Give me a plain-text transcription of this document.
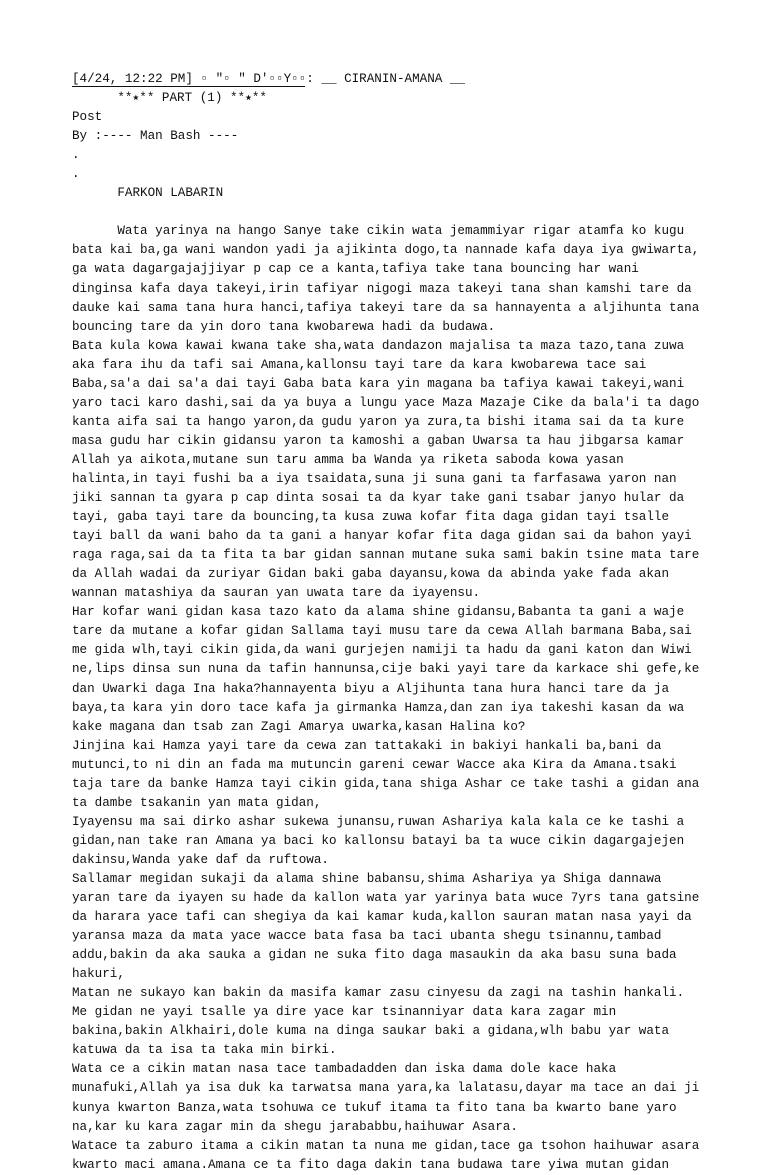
[4/24, 12:22 PM] ▫ "▫ " D'▫▫Y▫▫: __ CIRANIN-AMANA __
**⭑** PART (1) **⭑**
Post
By :---- Man Bash ----
.
.
FARKON LABARIN
Wata yarinya na hango Sanye take cikin wata jemammiyar rigar atamfa ko kugu
bata kai ba,ga wani wandon yadi ja ajikinta dogo,ta nannade kafa daya iya gwiwarta,
ga wata dagargajajjiyar p cap ce a kanta,tafiya take tana bouncing har wani
dinginsa kafa daya takeyi,irin tafiyar nigogi maza takeyi tana shan kamshi tare da
dauke kai sama tana hura hanci,tafiya takeyi tare da sa hannayenta a aljihunta tana
bouncing tare da yin doro tana kwobarewa hadi da budawa.
Bata kula kowa kawai kwana take sha,wata dandazon majalisa ta maza tazo,tana zuwa
aka fara ihu da tafi sai Amana,kallonsu tayi tare da kara kwobarewa tace sai
Baba,sa'a dai sa'a dai tayi Gaba bata kara yin magana ba tafiya kawai takeyi,wani
yaro taci karo dashi,sai da ya buya a lungu yace Maza Mazaje Cike da bala'i ta dago
kanta aifa sai ta hango yaron,da gudu yaron ya zura,ta bishi itama sai da ta kure
masa gudu har cikin gidansu yaron ta kamoshi a gaban Uwarsa ta hau jibgarsa kamar
Allah ya aikota,mutane sun taru amma ba Wanda ya riketa saboda kowa yasan
halinta,in tayi fushi ba a iya tsaidata,suna ji suna gani ta farfasawa yaron nan
jiki sannan ta gyara p cap dinta sosai ta da kyar take gani tsabar janyo hular da
tayi, gaba tayi tare da bouncing,ta kusa zuwa kofar fita daga gidan tayi tsalle
tayi ball da wani baho da ta gani a hanyar kofar fita daga gidan sai da bahon yayi
raga raga,sai da ta fita ta bar gidan sannan mutane suka sami bakin tsine mata tare
da Allah wadai da zuriyar Gidan baki gaba dayansu,kowa da abinda yake fada akan
wannan matashiya da sauran yan uwata tare da iyayensu.
Har kofar wani gidan kasa tazo kato da alama shine gidansu,Babanta ta gani a waje
tare da mutane a kofar gidan Sallama tayi musu tare da cewa Allah barmana Baba,sai
me gida wlh,tayi cikin gida,da wani gurjejen namiji ta hadu da gani katon dan Wiwi
ne,lips dinsa sun nuna da tafin hannunsa,cije baki yayi tare da karkace shi gefe,ke
dan Uwarki daga Ina haka?hannayenta biyu a Aljihunta tana hura hanci tare da ja
baya,ta kara yin doro tace kafa ja girmanka Hamza,dan zan iya takeshi kasan da wa
kake magana dan tsab zan Zagi Amarya uwarka,kasan Halina ko?
Jinjina kai Hamza yayi tare da cewa zan tattakaki in bakiyi hankali ba,bani da
mutunci,to ni din an fada ma mutuncin gareni cewar Wacce aka Kira da Amana.tsaki
taja tare da banke Hamza tayi cikin gida,tana shiga Ashar ce take tashi a gidan ana
ta dambe tsakanin yan mata gidan,
Iyayensu ma sai dirko ashar sukewa junansu,ruwan Ashariya kala kala ce ke tashi a
gidan,nan take ran Amana ya baci ko kallonsu batayi ba ta wuce cikin dagargajejen
dakinsu,Wanda yake daf da ruftowa.
Sallamar megidan sukaji da alama shine babansu,shima Ashariya ya Shiga dannawa
yaran tare da iyayen su hade da kallon wata yar yarinya bata wuce 7yrs tana gatsine
da harara yace tafi can shegiya da kai kamar kuda,kallon sauran matan nasa yayi da
yaransa maza da mata yace wacce bata fasa ba taci ubanta shegu tsinannu,tambad
addu,bakin da aka sauka a gidan ne suka fito daga masaukin da aka basu suna bada
hakuri,
Matan ne sukayo kan bakin da masifa kamar zasu cinyesu da zagi na tashin hankali.
Me gidan ne yayi tsalle ya dire yace kar tsinanniyar data kara zagar min
bakina,bakin Alkhairi,dole kuma na dinga saukar baki a gidana,wlh babu yar wata
katuwa da ta isa ta taka min birki.
Wata ce a cikin matan nasa tace tambadadden dan iska dama dole kace haka
munafuki,Allah ya isa duk ka tarwatsa mana yara,ka lalatasu,dayar ma tace an dai ji
kunya kwarton Banza,wata tsohuwa ce tukuf itama ta fito tana ba kwarto bane yaro
na,kar ku kara zagar min da shegu jarababbu,haihuwar Asara.
Watace ta zaburo itama a cikin matan ta nuna me gidan,tace ga tsohon haihuwar asara
kwarto maci amana.Amana ce ta fito daga dakin tana budawa tare yiwa mutan gidan
